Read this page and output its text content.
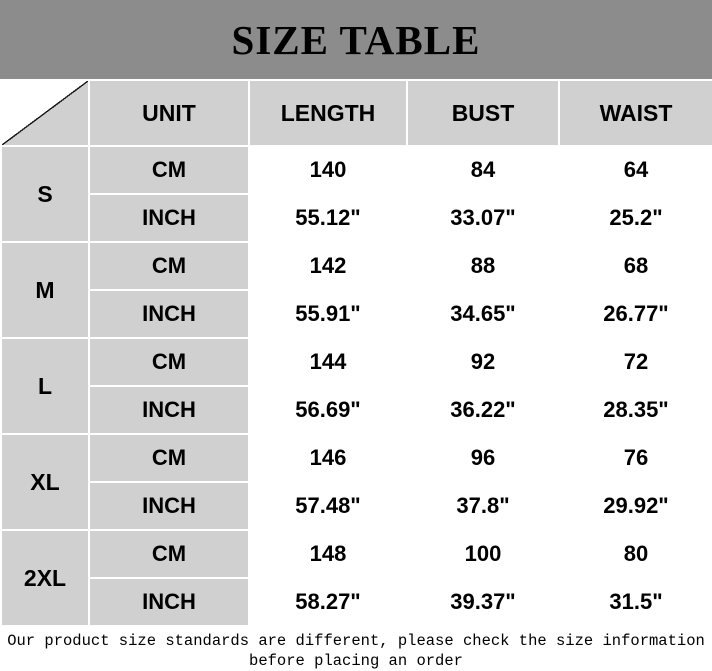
SIZE TABLE
	UNIT	LENGTH	BUST	WAIST
S	CM	140	84	64
	INCH	55.12"	33.07"	25.2"
M	CM	142	88	68
	INCH	55.91"	34.65"	26.77"
L	CM	144	92	72
	INCH	56.69"	36.22"	28.35"
XL	CM	146	96	76
	INCH	57.48"	37.8"	29.92"
2XL	CM	148	100	80
	INCH	58.27"	39.37"	31.5"
Our product size standards are different, please check the size information
before placing an order
